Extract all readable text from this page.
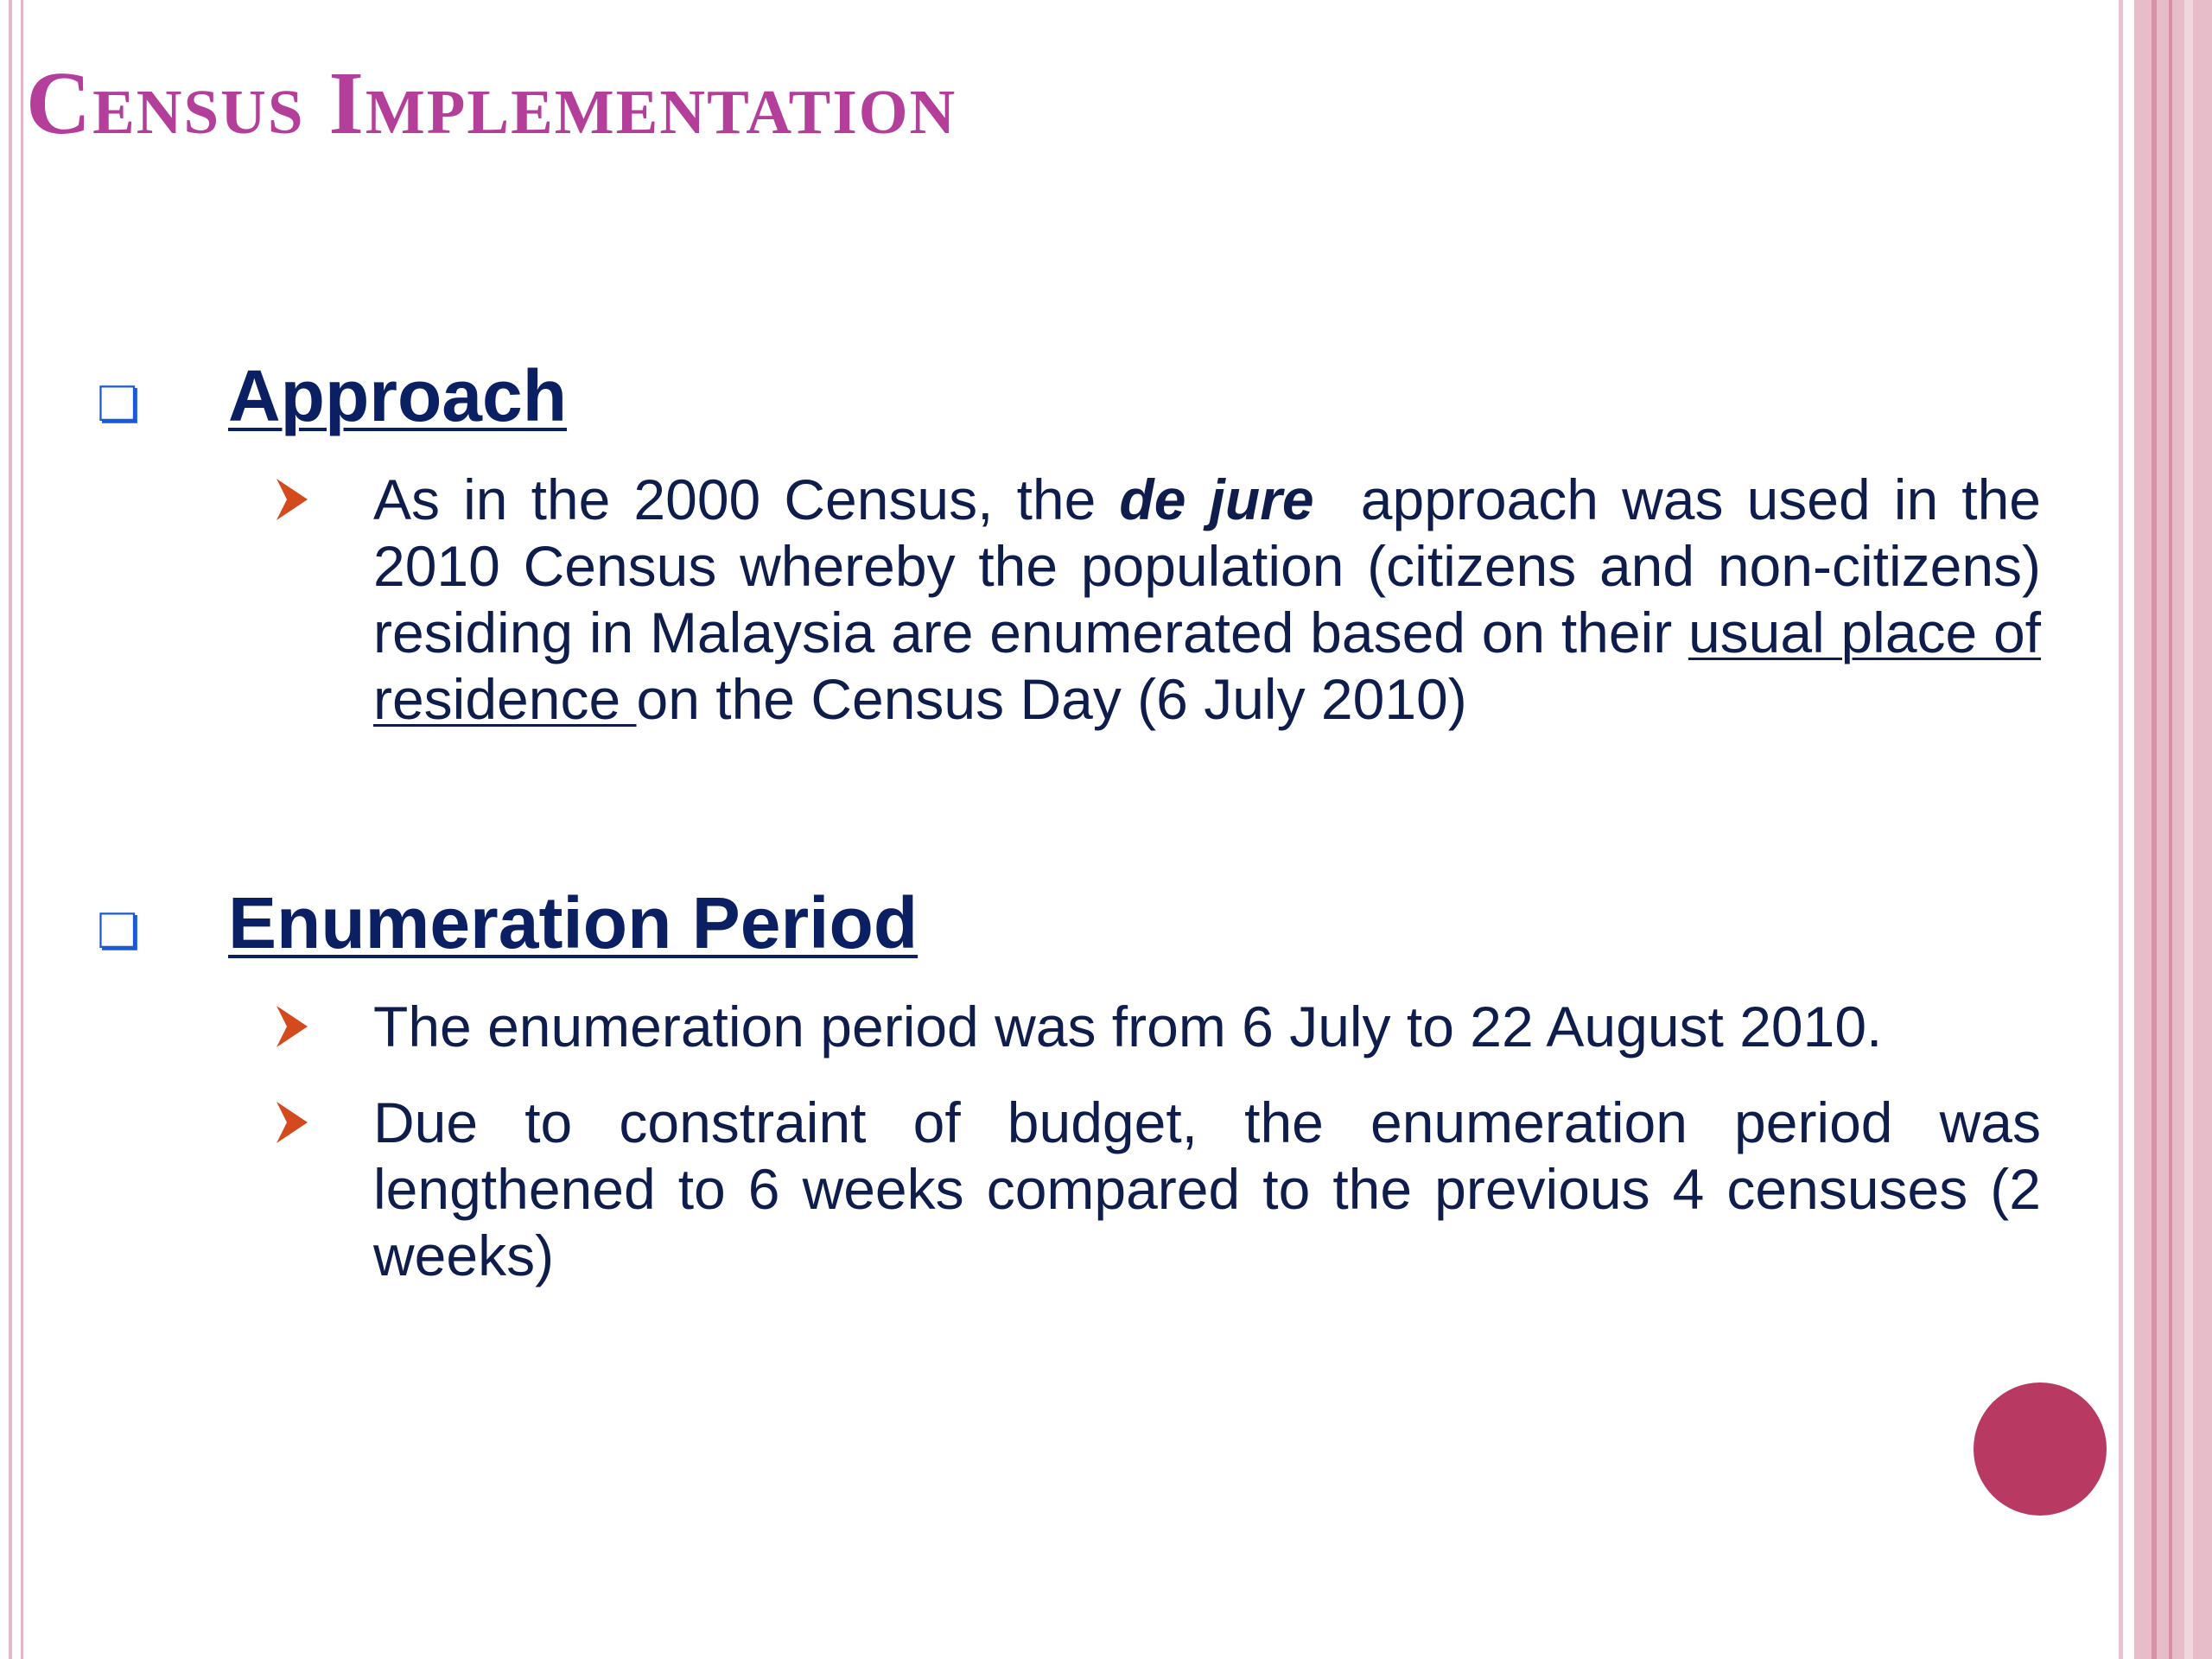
Census Implementation
❏ Approach

As in the 2000 Census, the de jure  approach was used in the 2010 Census whereby the population (citizens and non-citizens) residing in Malaysia are enumerated based on their usual place of residence on the Census Day (6 July 2010)

❏ Enumeration Period

The enumeration period was from 6 July to 22 August 2010.

Due to constraint of budget, the enumeration period was lengthened to 6 weeks compared to the previous 4 censuses (2 weeks)
